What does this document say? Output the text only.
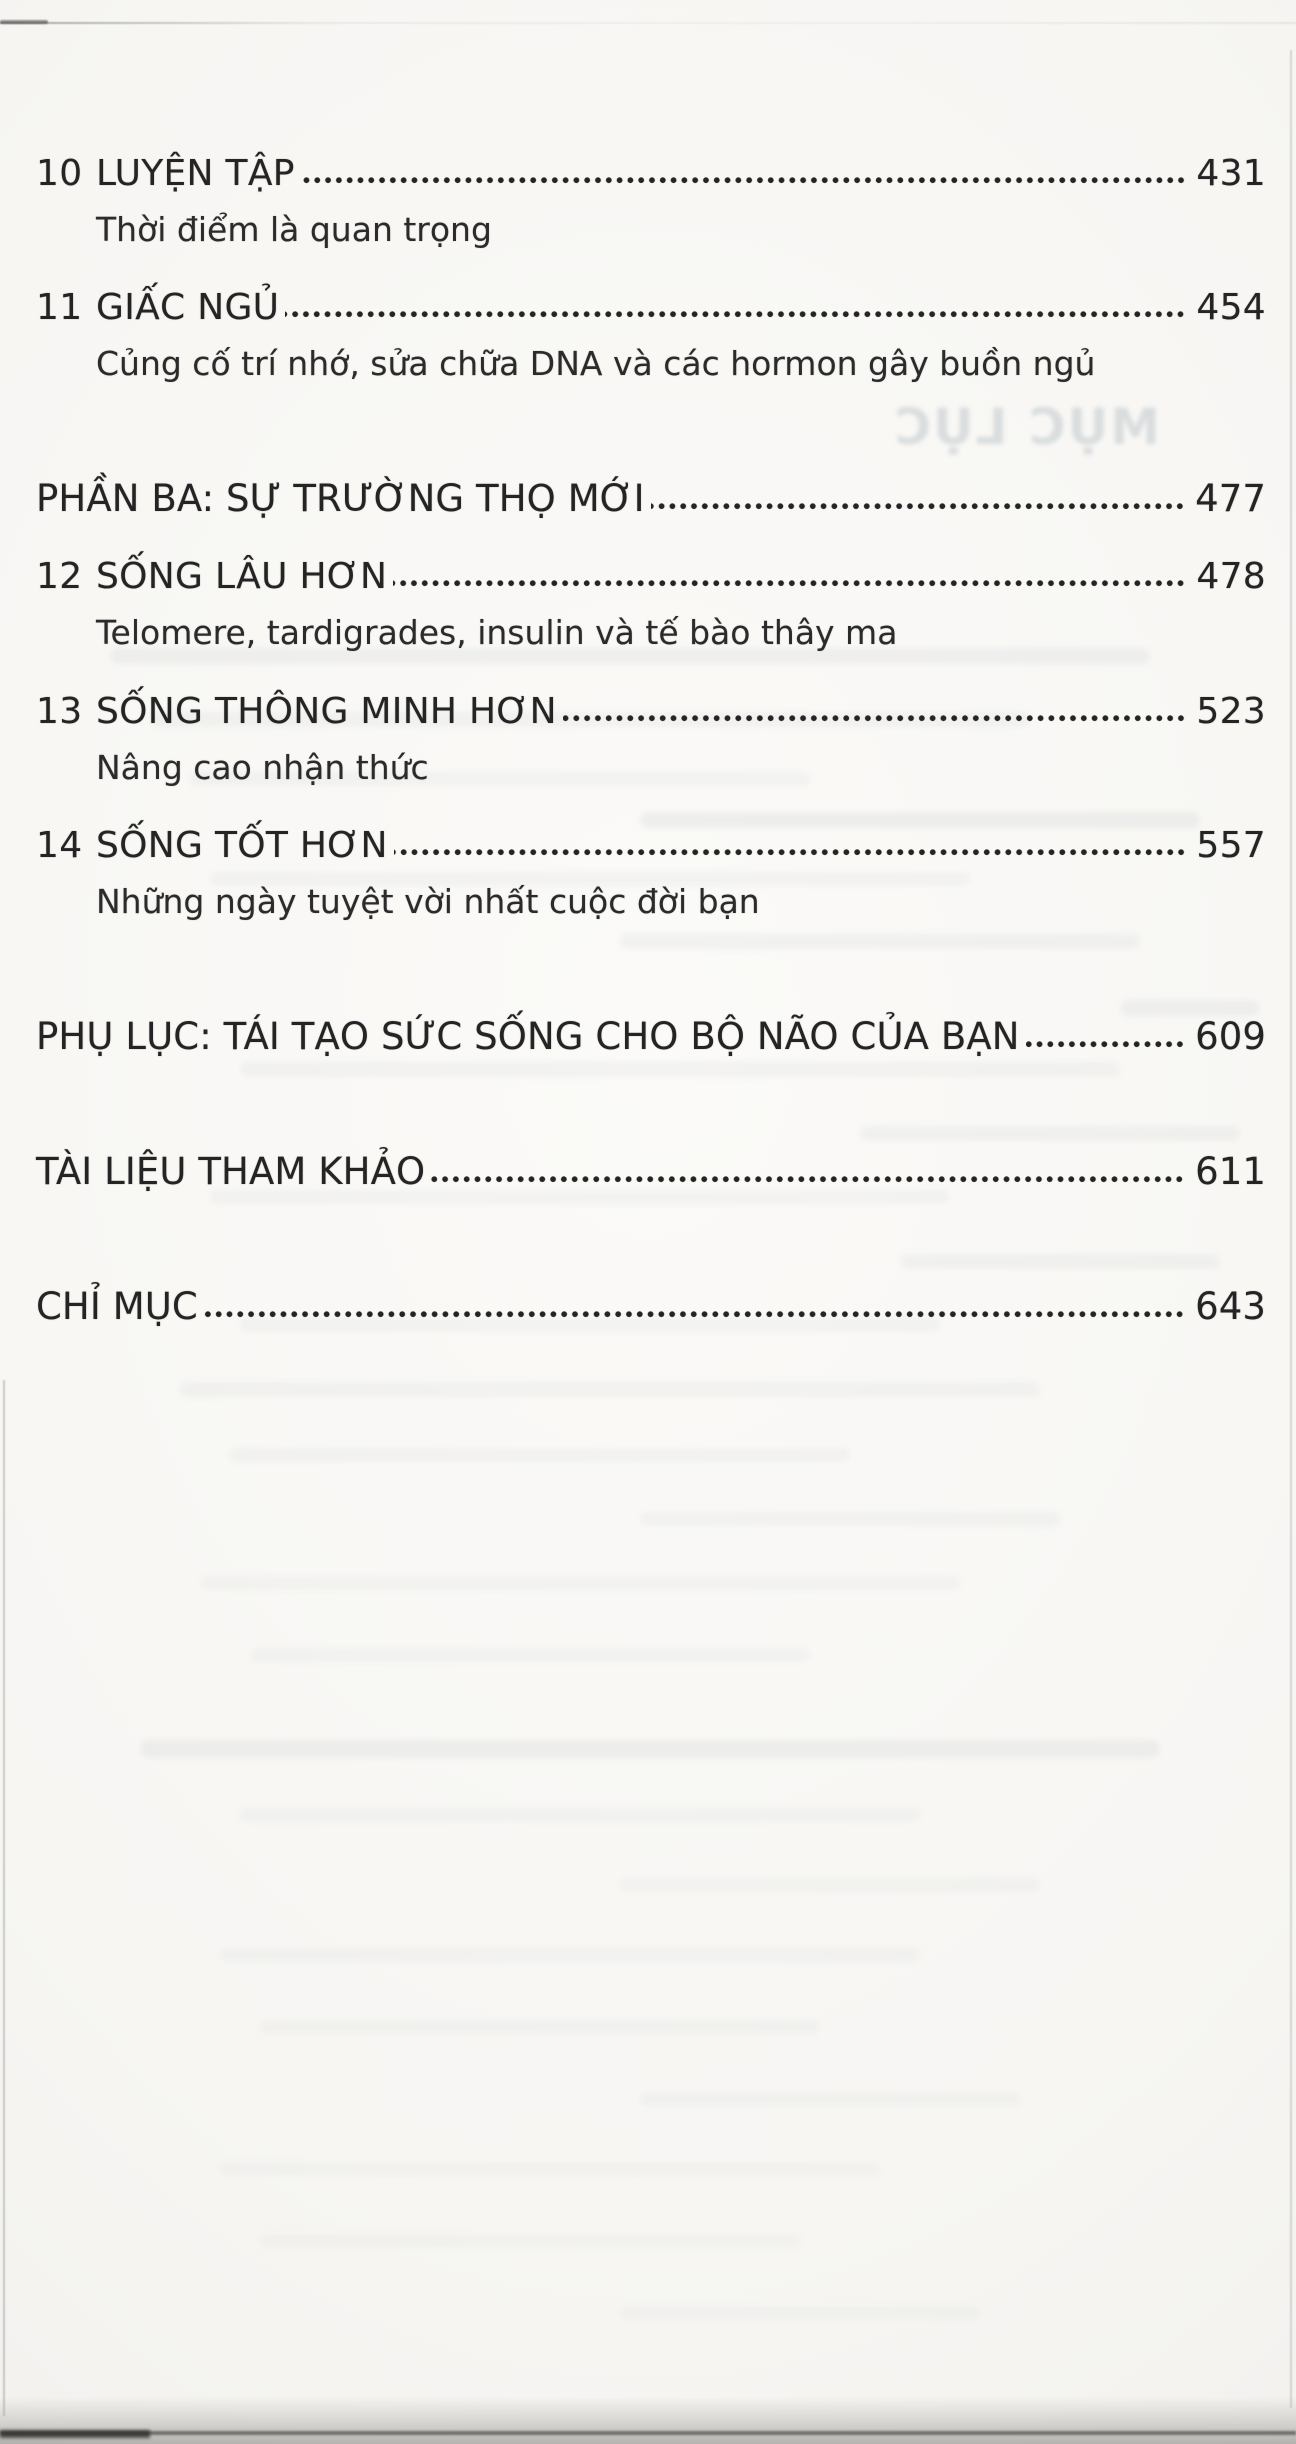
MỤC LỤC
10 LUYỆN TẬP	431
Thời điểm là quan trọng
11 GIẤC NGỦ	454
Củng cố trí nhớ, sửa chữa DNA và các hormon gây buồn ngủ
PHẦN BA: SỰ TRƯỜNG THỌ MỚI	477
12 SỐNG LÂU HƠN	478
Telomere, tardigrades, insulin và tế bào thây ma
13 SỐNG THÔNG MINH HƠN	523
Nâng cao nhận thức
14 SỐNG TỐT HƠN	557
Những ngày tuyệt vời nhất cuộc đời bạn
PHỤ LỤC: TÁI TẠO SỨC SỐNG CHO BỘ NÃO CỦA BẠN	609
TÀI LIỆU THAM KHẢO	611
CHỈ MỤC	643
